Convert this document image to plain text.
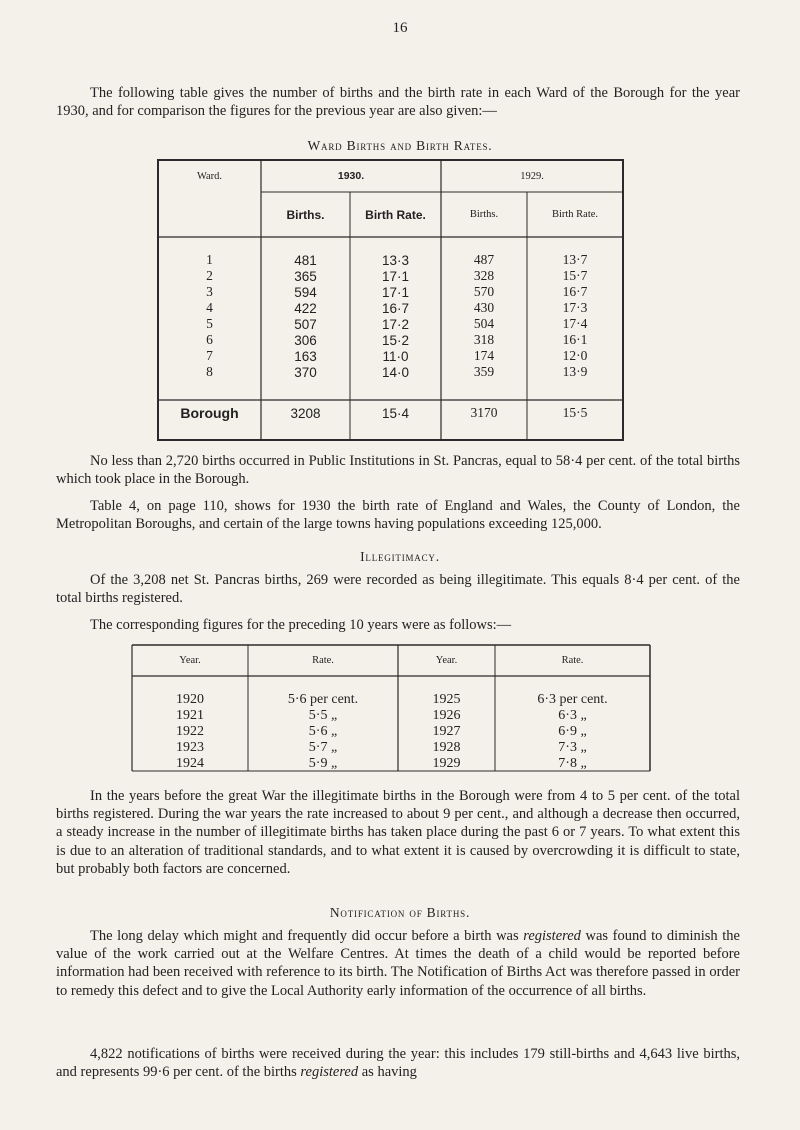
16

The following table gives the number of births and the birth rate in each Ward of the Borough for the year 1930, and for comparison the figures for the previous year are also given:—

Ward Births and Birth Rates.
Ward.	1930.		1929.	
	Births.	Birth Rate.	Births.	Birth Rate.

1	481	13·3	487	13·7
2	365	17·1	328	15·7
3	594	17·1	570	16·7
4	422	16·7	430	17·3
5	507	17·2	504	17·4
6	306	15·2	318	16·1
7	163	11·0	174	12·0
8	370	14·0	359	13·9

Borough	3208	15·4	3170	15·5

No less than 2,720 births occurred in Public Institutions in St. Pancras, equal to 58·4 per cent. of the total births which took place in the Borough.

Table 4, on page 110, shows for 1930 the birth rate of England and Wales, the County of London, the Metropolitan Boroughs, and certain of the large towns having populations exceeding 125,000.

Illegitimacy.

Of the 3,208 net St. Pancras births, 269 were recorded as being illegitimate. This equals 8·4 per cent. of the total births registered.

The corresponding figures for the preceding 10 years were as follows:—

Year.	Rate.	Year.	Rate.

1920	5·6 per cent.	1925	6·3 per cent.
1921	5·5 „	1926	6·3 „
1922	5·6 „	1927	6·9 „
1923	5·7 „	1928	7·3 „
1924	5·9 „	1929	7·8 „

In the years before the great War the illegitimate births in the Borough were from 4 to 5 per cent. of the total births registered. During the war years the rate increased to about 9 per cent., and although a decrease then occurred, a steady increase in the number of illegitimate births has taken place during the past 6 or 7 years. To what extent this is due to an alteration of traditional standards, and to what extent it is caused by overcrowding it is difficult to state, but probably both factors are concerned.

Notification of Births.

The long delay which might and frequently did occur before a birth was registered was found to diminish the value of the work carried out at the Welfare Centres. At times the death of a child would be reported before information had been received with reference to its birth. The Notification of Births Act was therefore passed in order to remedy this defect and to give the Local Authority early information of the occurrence of all births.

4,822 notifications of births were received during the year: this includes 179 still-births and 4,643 live births, and represents 99·6 per cent. of the births registered as having
